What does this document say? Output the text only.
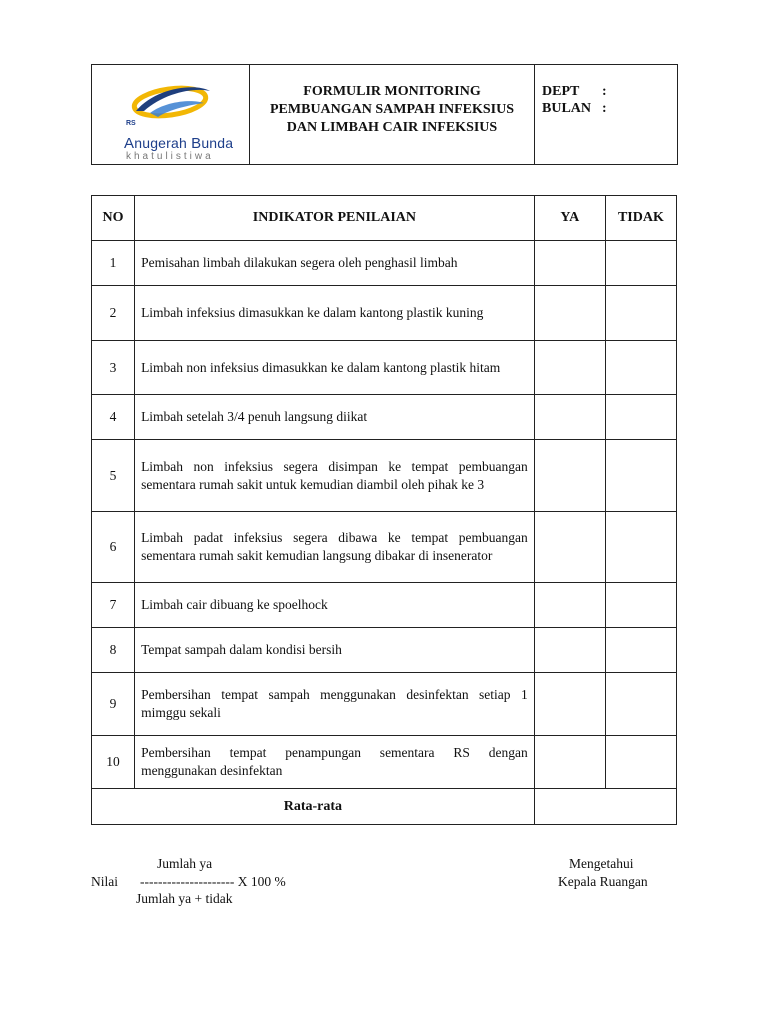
RS
Anugerah Bunda
khatulistiwa

FORMULIR MONITORING
PEMBUANGAN SAMPAH INFEKSIUS
DAN LIMBAH CAIR INFEKSIUS

DEPT	:
BULAN :
NO	INDIKATOR PENILAIAN	YA	TIDAK
1	Pemisahan limbah dilakukan segera oleh penghasil limbah		

2	Limbah infeksius dimasukkan ke dalam kantong plastik kuning		

3	Limbah non infeksius dimasukkan ke dalam kantong plastik hitam		

4	Limbah setelah 3/4 penuh langsung diikat		

5	Limbah non infeksius segera disimpan ke tempat pembuangan sementara rumah sakit untuk kemudian diambil oleh pihak ke 3		

6	Limbah padat infeksius segera dibawa ke tempat pembuangan sementara rumah sakit kemudian langsung dibakar di insenerator		

7	Limbah cair dibuang ke spoelhock		

8	Tempat sampah dalam kondisi bersih		

9	Pembersihan tempat sampah menggunakan desinfektan setiap 1 mimggu sekali		

10	Pembersihan tempat penampungan sementara RS dengan menggunakan desinfektan		

Rata-rata			
Jumlah ya
Nilai --------------------- X 100 %
Jumlah ya + tidak
Mengetahui
Kepala Ruangan
